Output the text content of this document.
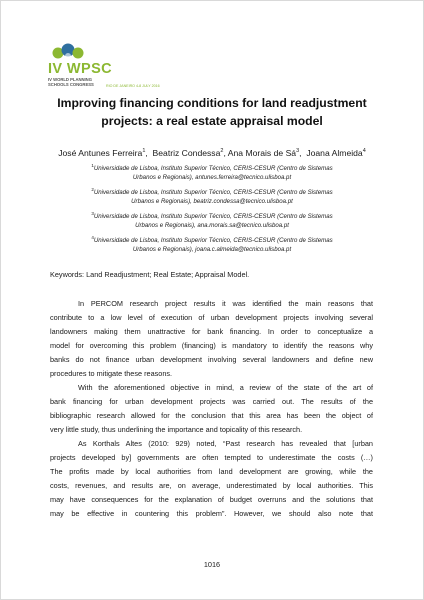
IV WPSC
IV WORLD PLANNING
SCHOOLS CONGRESS	RIO DE JANEIRO 4-8 JULY 2016
Improving financing conditions for land readjustment
projects: a real estate appraisal model
José Antunes Ferreira$^1$,  Beatriz Condessa$^2$, Ana Morais de $Sá^3$,  Joana Almeida$^4$
$^1$Universidade de Lisboa, Instituto Superior Técnico, CERIS-CESUR (Centro de Sistemas
Urbanos e Regionais), antunes.ferreira@tecnico.ulisboa.pt
$^2$Universidade de Lisboa, Instituto Superior Técnico, CERIS-CESUR (Centro de Sistemas
Urbanos e Regionais), beatriz.condessa@tecnico.ulisboa.pt
$^3$Universidade de Lisboa, Instituto Superior Técnico, CERIS-CESUR (Centro de Sistemas
Urbanos e Regionais), ana.morais.sa@tecnico.ulisboa.pt
$^4$Universidade de Lisboa, Instituto Superior Técnico, CERIS-CESUR (Centro de Sistemas
Urbanos e Regionais), joana.c.almeida@tecnico.ulisboa.pt
Keywords: Land Readjustment; Real Estate; Appraisal Model.
In PERCOM research project results it was identified the main reasons that
contribute to a low level of execution of urban development projects involving several
landowners making them unattractive for bank financing. In order to conceptualize a
model for overcoming this problem (financing) is mandatory to identify the reasons why
banks do not finance urban development involving several landowners and define new
procedures to mitigate these reasons.
With the aforementioned objective in mind, a review of the state of the art of
bank financing for urban development projects was carried out. The results of the
bibliographic research allowed for the conclusion that this area has been the object of
very little study, thus underlining the importance and topicality of this research.
As Korthals Altes (2010: 929) noted, “Past research has revealed that [urban
projects developed by] governments are often tempted to underestimate the costs (…)
The profits made by local authorities from land development are growing, while the
costs, revenues, and results are, on average, underestimated by local authorities. This
may have consequences for the explanation of budget overruns and the solutions that
may be effective in countering this problem”. However, we should also note that
1016
